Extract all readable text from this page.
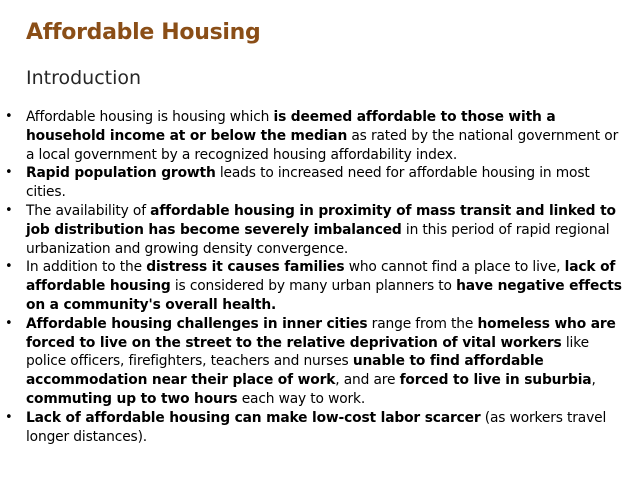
Affordable Housing
Introduction
• Affordable housing is housing which is deemed affordable to those with a household income at or below the median as rated by the national government or a local government by a recognized housing affordability index.
• Rapid population growth leads to increased need for affordable housing in most cities.
• The availability of affordable housing in proximity of mass transit and linked to job distribution has become severely imbalanced in this period of rapid regional urbanization and growing density convergence.
• In addition to the distress it causes families who cannot find a place to live, lack of affordable housing is considered by many urban planners to have negative effects on a community's overall health.
• Affordable housing challenges in inner cities range from the homeless who are forced to live on the street to the relative deprivation of vital workers like police officers, firefighters, teachers and nurses unable to find affordable accommodation near their place of work, and are forced to live in suburbia, commuting up to two hours each way to work.
• Lack of affordable housing can make low-cost labor scarcer (as workers travel longer distances).
